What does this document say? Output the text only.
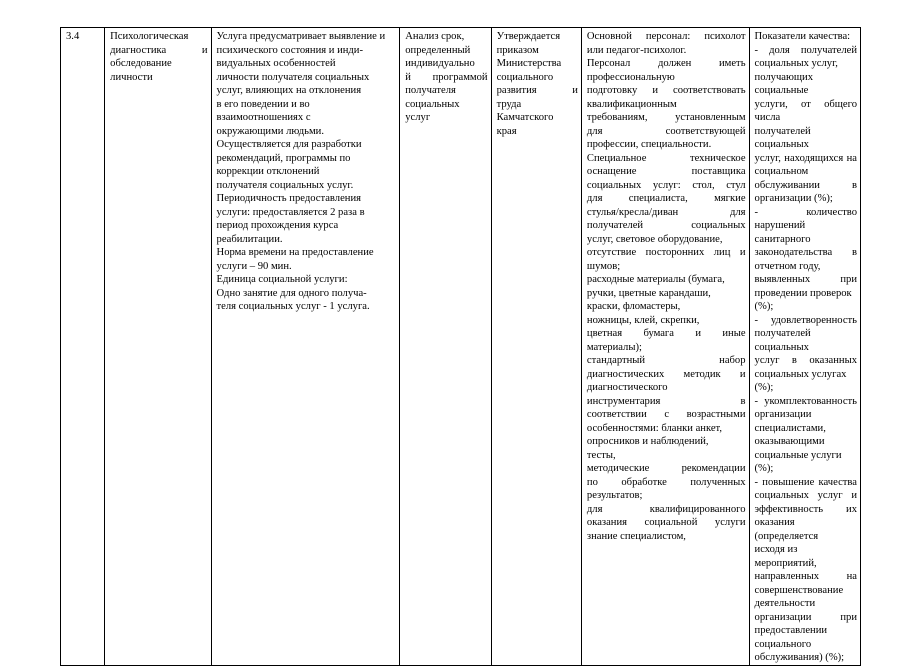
3.4	Психологическая
диагностика и
обследование
личности

Услуга предусматривает выявление и
психического состояния и инди-
видуальных особенностей
личности получателя социальных
услуг, влияющих на отклонения
в его поведении и во
взаимоотношениях с
окружающими людьми.
Осуществляется для разработки
рекомендаций, программы по
коррекции отклонений
получателя социальных услуг.
Периодичность предоставления
услуги: предоставляется 2 раза в
период прохождения курса
реабилитации.
Норма времени на предоставление
услуги – 90 мин.
Единица социальной услуги:
Одно занятие для одного получа-
теля социальных услуг - 1 услуга.

Анализ срок,
определенный
индивидуально
й программой
получателя
социальных
услуг

Утверждается
приказом
Министерства
социального
развития и
труда
Камчатского
края

Основной персонал: психолот
или педагог-психолог.
Персонал должен иметь
профессиональную
подготовку и соответствовать
квалификационным
требованиям, установленным
для соответствующей
профессии, специальности.
Специальное техническое
оснащение поставщика
социальных услуг: стол, стул
для специалиста, мягкие
стулья/кресла/диван для
получателей социальных
услуг, световое оборудование,
отсутствие посторонних лиц и
шумов;
расходные материалы (бумага,
ручки, цветные карандаши,
краски, фломастеры,
ножницы, клей, скрепки,
цветная бумага и иные
материалы);
стандартный набор
диагностических методик и
диагностического
инструментария в
соответствии с возрастными
особенностями: бланки анкет,
опросников и наблюдений,
тесты,
методические рекомендации
по обработке полученных
результатов;
для квалифицированного
оказания социальной услуги
знание специалистом,

Показатели качества:
- доля получателей
социальных услуг,
получающих социальные
услуги, от общего числа
получателей социальных
услуг, находящихся на
социальном
обслуживании в
организации (%);
- количество нарушений
санитарного
законодательства в
отчетном году,
выявленных при
проведении проверок (%);
- удовлетворенность
получателей социальных
услуг в оказанных
социальных услугах (%);
- укомплектованность
организации
специалистами,
оказывающими
социальные услуги (%);
- повышение качества
социальных услуг и
эффективность их
оказания (определяется
исходя из мероприятий,
направленных на
совершенствование
деятельности
организации при
предоставлении
социального
обслуживания) (%);
